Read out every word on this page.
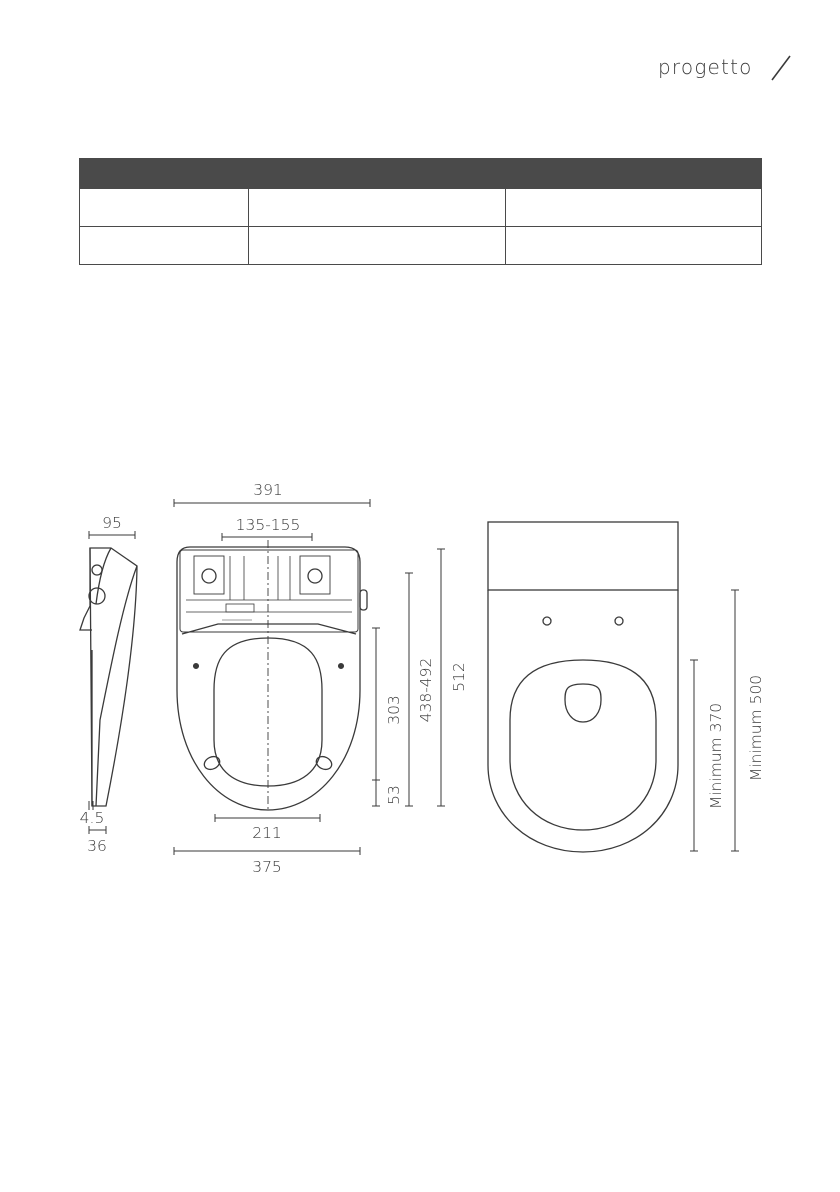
progetto

391
95	135-155
211
375
4.5
36
303
53
438-492 512
Minimum 370 Minimum 500
